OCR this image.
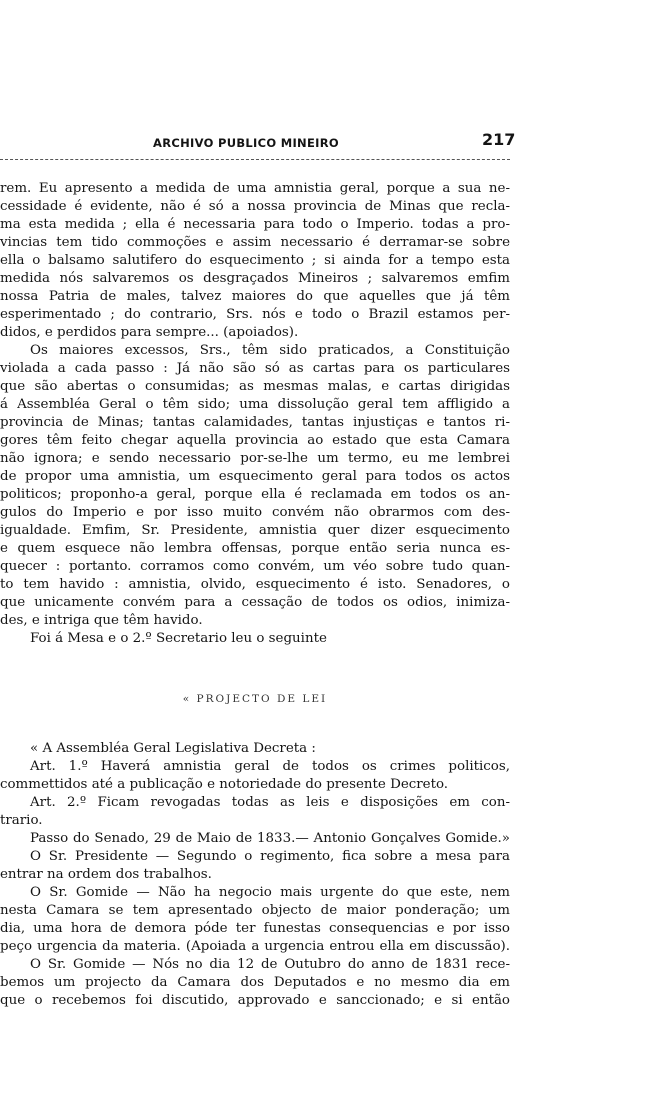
ARCHIVO PUBLICO MINEIRO	217
rem. Eu apresento a medida de uma amnistia geral, porque a sua ne-
cessidade é evidente, não é só a nossa provincia de Minas que recla-
ma esta medida ; ella é necessaria para todo o Imperio. todas a pro-
vincias tem tido commoções e assim necessario é derramar-se sobre
ella o balsamo salutifero do esquecimento ; si ainda for a tempo esta
medida nós salvaremos os desgraçados Mineiros ; salvaremos emfim
nossa Patria de males, talvez maiores do que aquelles que já têm
esperimentado ; do contrario, Srs. nós e todo o Brazil estamos per-
didos, e perdidos para sempre... (apoiados).
Os maiores excessos, Srs., têm sido praticados, a Constituição
violada a cada passo : Já não são só as cartas para os particulares
que são abertas o consumidas; as mesmas malas, e cartas dirigidas
á Assembléa Geral o têm sido; uma dissolução geral tem affligido a
provincia de Minas; tantas calamidades, tantas injustiças e tantos ri-
gores têm feito chegar aquella provincia ao estado que esta Camara
não ignora; e sendo necessario por-se-lhe um termo, eu me lembrei
de propor uma amnistia, um esquecimento geral para todos os actos
politicos; proponho-a geral, porque ella é reclamada em todos os an-
gulos do Imperio e por isso muito convém não obrarmos com des-
igualdade. Emfim, Sr. Presidente, amnistia quer dizer esquecimento
e quem esquece não lembra offensas, porque então seria nunca es-
quecer : portanto. corramos como convém, um véo sobre tudo quan-
to tem havido : amnistia, olvido, esquecimento é isto. Senadores, o
que unicamente convém para a cessação de todos os odios, inimiza-
des, e intriga que têm havido.
Foi á Mesa e o 2.º Secretario leu o seguinte
« PROJECTO DE LEI
« A Assembléa Geral Legislativa Decreta :
Art. 1.º Haverá amnistia geral de todos os crimes politicos,
commettidos até a publicação e notoriedade do presente Decreto.
Art. 2.º Ficam revogadas todas as leis e disposições em con-
trario.
Passo do Senado, 29 de Maio de 1833.— Antonio Gonçalves Gomide.»
O Sr. Presidente — Segundo o regimento, fica sobre a mesa para
entrar na ordem dos trabalhos.
O Sr. Gomide — Não ha negocio mais urgente do que este, nem
nesta Camara se tem apresentado objecto de maior ponderação; um
dia, uma hora de demora póde ter funestas consequencias e por isso
peço urgencia da materia. (Apoiada a urgencia entrou ella em discussão).
O Sr. Gomide — Nós no dia 12 de Outubro do anno de 1831 rece-
bemos um projecto da Camara dos Deputados e no mesmo dia em
que o recebemos foi discutido, approvado e sanccionado; e si então
